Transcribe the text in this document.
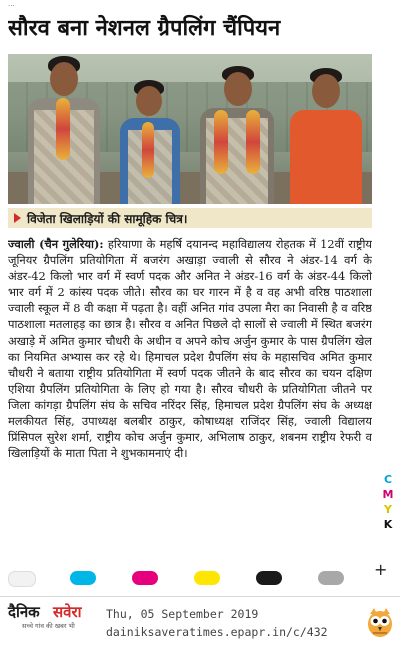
...
सौरव बना नेशनल ग्रैपलिंग चैंपियन
विजेता खिलाड़ियों की सामूहिक चित्र।
ज्वाली (चैन गुलेरिया): हरियाणा के महर्षि दयानन्द महाविद्यालय रोहतक में 12वीं राष्ट्रीय जूनियर ग्रैपलिंग प्रतियोगिता में बजरंग अखाड़ा ज्वाली से सौरव ने अंडर-14 वर्ग के अंडर-42 किलो भार वर्ग में स्वर्ण पदक और अनित ने अंडर-16 वर्ग के अंडर-44 किलो भार वर्ग में 2 कांस्य पदक जीते। सौरव का घर गारन में है व वह अभी वरिष्ठ पाठशाला ज्वाली स्कूल में 8 वी कक्षा में पढ़ता है। वहीं अनित गांव उपला मैरा का निवासी है व वरिष्ठ पाठशाला मतलाहड़ का छात्र है। सौरव व अनित पिछले दो सालों से ज्वाली में स्थित बजरंग अखाड़े में अमित कुमार चौधरी के अधीन व अपने कोच अर्जुन कुमार के पास ग्रैपलिंग खेल का नियमित अभ्यास कर रहे थे। हिमाचल प्रदेश ग्रैपलिंग संघ के महासचिव अमित कुमार चौधरी ने बताया राष्ट्रीय प्रतियोगिता में स्वर्ण पदक जीतने के बाद सौरव का चयन दक्षिण एशिया ग्रैपलिंग प्रतियोगिता के लिए हो गया है। सौरव चौधरी के प्रतियोगिता जीतने पर जिला कांगड़ा ग्रैपलिंग संघ के सचिव नरिंदर सिंह, हिमाचल प्रदेश ग्रैपलिंग संघ के अध्यक्ष मलकीयत सिंह, उपाध्यक्ष बलबीर ठाकुर, कोषाध्यक्ष राजिंदर सिंह, ज्वाली विद्यालय प्रिंसिपल सुरेश शर्मा, राष्ट्रीय कोच अर्जुन कुमार, अभिलाष ठाकुर, शबनम राष्ट्रीय रेफरी व खिलाड़ियों के माता पिता ने शुभकामनाएं दी।
C
M
Y
K
+
दैनिक सवेरा
सच्चे गांव की खबर भी
Thu, 05 September 2019
dainiksaveratimes.epapr.in/c/432
